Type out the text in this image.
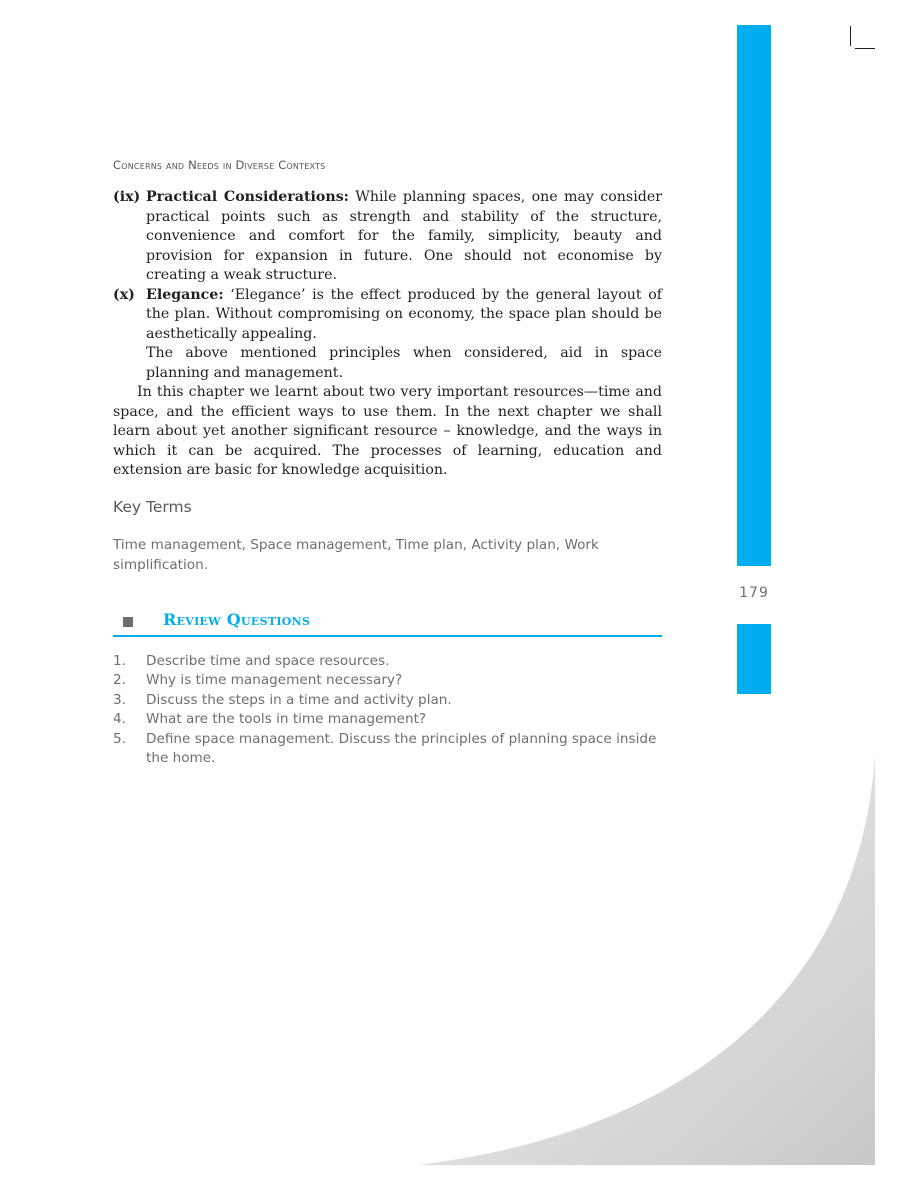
179
Concerns and Needs in Diverse Contexts
(ix) Practical Considerations: While planning spaces, one may consider practical points such as strength and stability of the structure, convenience and comfort for the family, simplicity, beauty and provision for expansion in future. One should not economise by creating a weak structure.
(x) Elegance: ‘Elegance’ is the effect produced by the general layout of the plan. Without compromising on economy, the space plan should be aesthetically appealing.
The above mentioned principles when considered, aid in space planning and management.
In this chapter we learnt about two very important resources—time and space, and the efficient ways to use them. In the next chapter we shall learn about yet another significant resource – knowledge, and the ways in which it can be acquired. The processes of learning, education and extension are basic for knowledge acquisition.
Key Terms
Time management, Space management, Time plan, Activity plan, Work simplification.
Review Questions
1. Describe time and space resources.
2. Why is time management necessary?
3. Discuss the steps in a time and activity plan.
4. What are the tools in time management?
5. Define space management. Discuss the principles of planning space inside the home.
